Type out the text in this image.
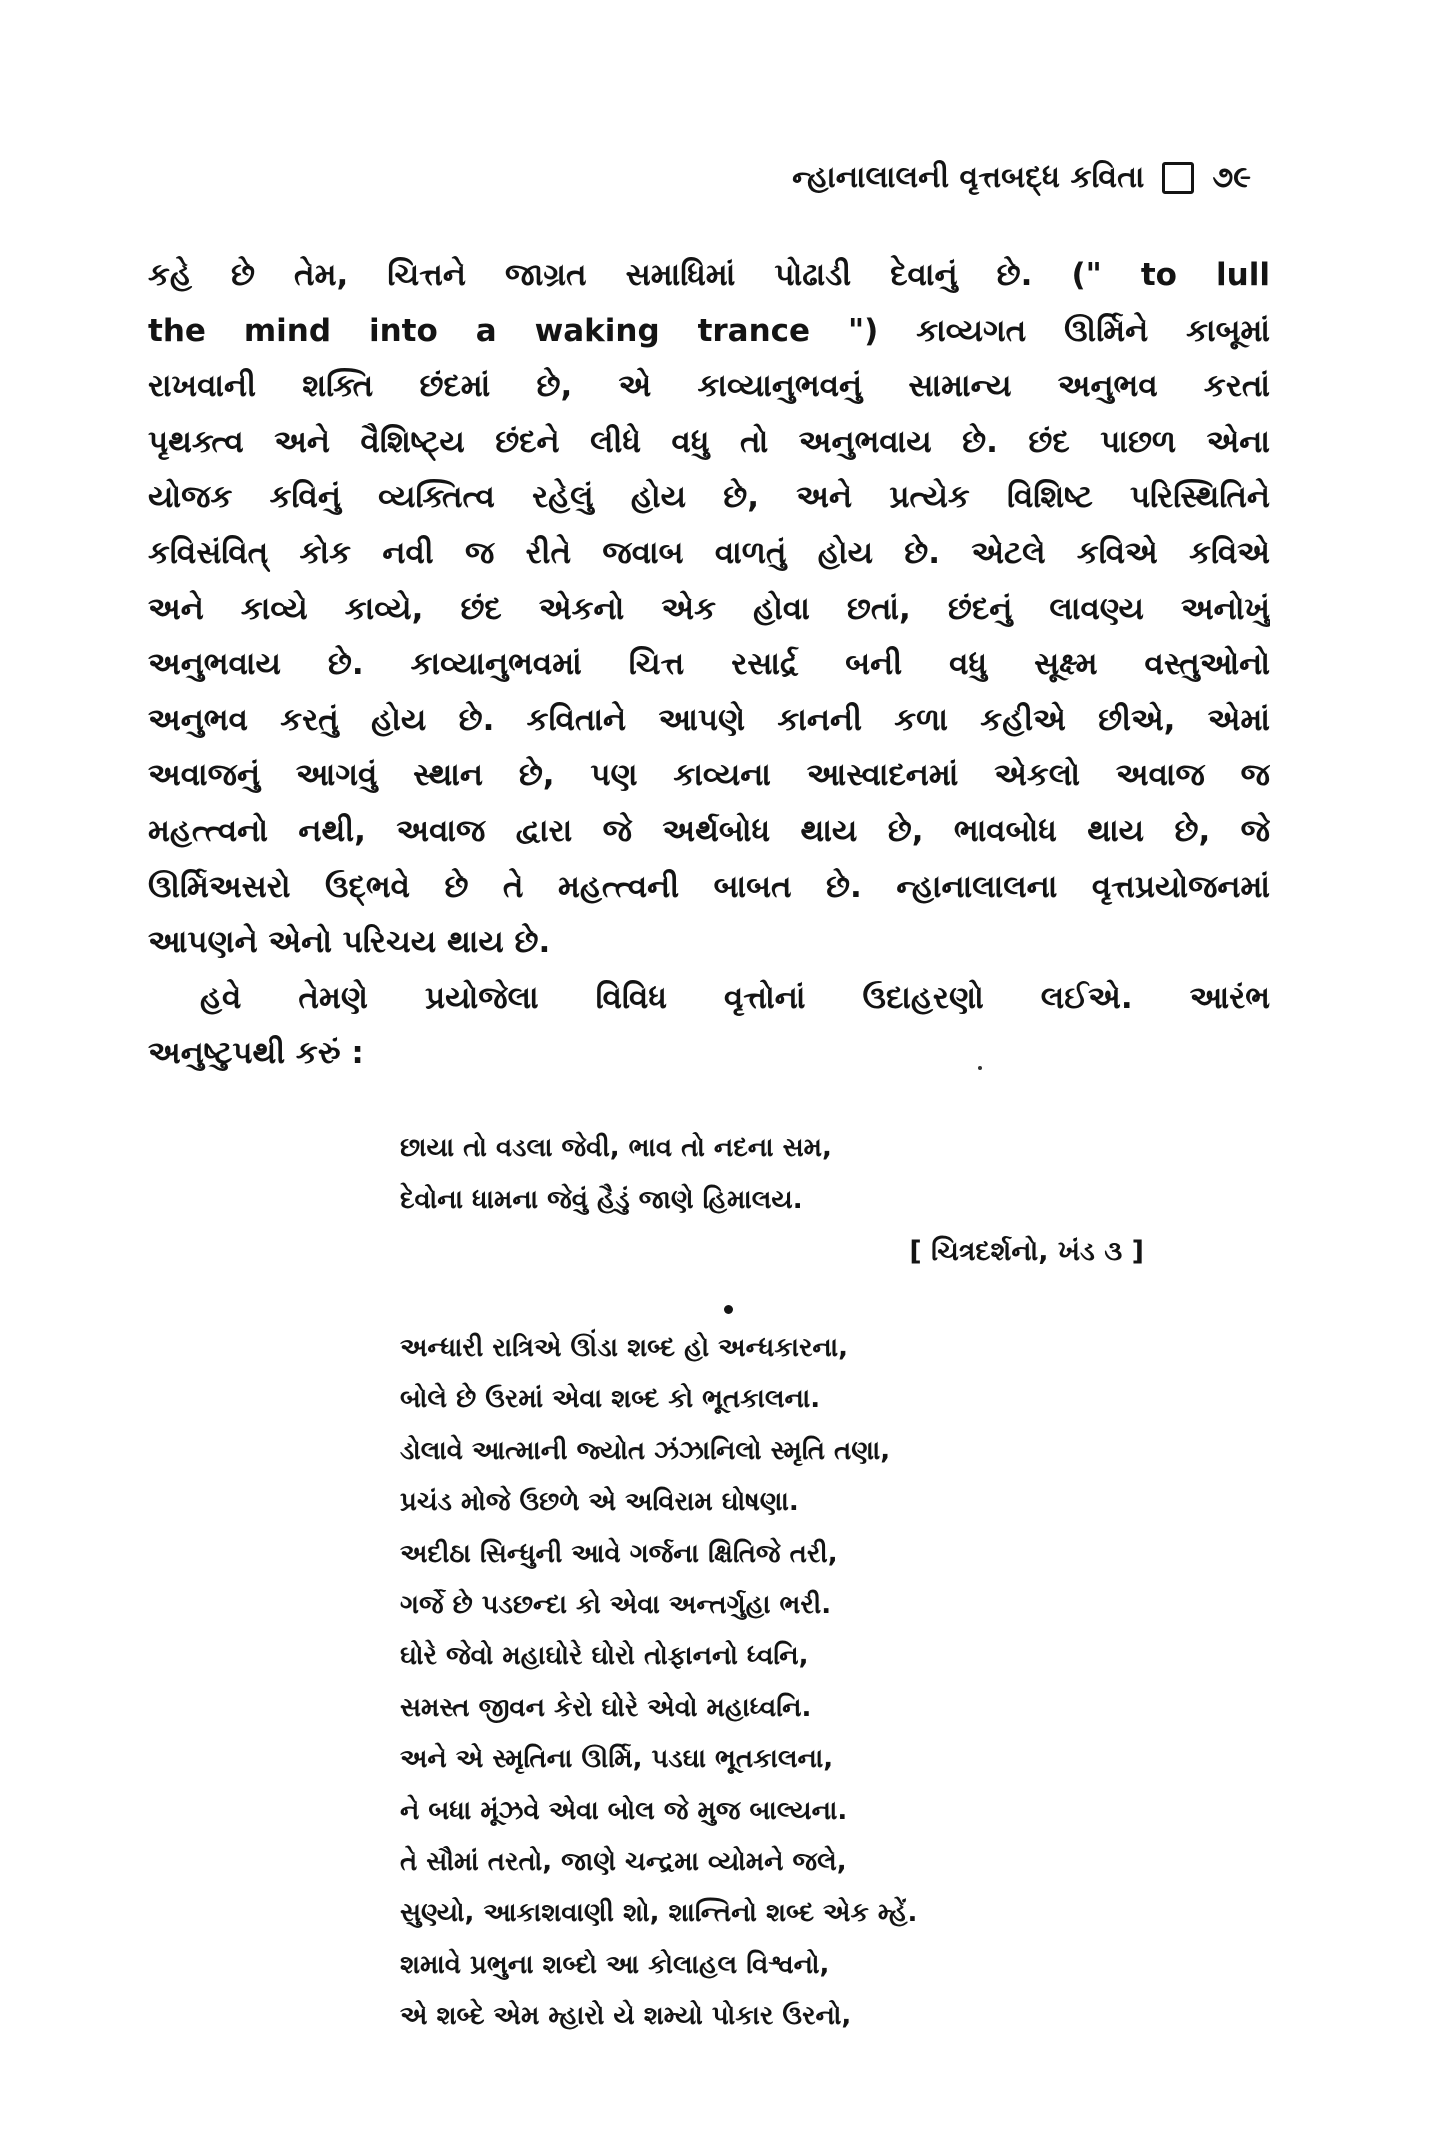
ન્હાનાલાલની વૃત્તબદ્ધ કવિતા ૭૯
કહે છે તેમ, ચિત્તને જાગ્રત સમાધિમાં પોઢાડી દેવાનું છે. (" to lull
the mind into a waking trance ") કાવ્યગત ઊર્મિને કાબૂમાં
રાખવાની શક્તિ છંદમાં છે, એ કાવ્યાનુભવનું સામાન્ય અનુભવ કરતાં
પૃથક્ત્વ અને વૈશિષ્ટ્ય છંદને લીધે વધુ તો અનુભવાય છે. છંદ પાછળ એના
યોજક કવિનું વ્યક્તિત્વ રહેલું હોય છે, અને પ્રત્યેક વિશિષ્ટ પરિસ્થિતિને
કવિસંવિત્ કોક નવી જ રીતે જવાબ વાળતું હોય છે. એટલે કવિએ કવિએ
અને કાવ્યે કાવ્યે, છંદ એકનો એક હોવા છતાં, છંદનું લાવણ્ય અનોખું
અનુભવાય છે. કાવ્યાનુભવમાં ચિત્ત રસાર્દ્ર બની વધુ સૂક્ષ્મ વસ્તુઓનો
અનુભવ કરતું હોય છે. કવિતાને આપણે કાનની કળા કહીએ છીએ, એમાં
અવાજનું આગવું સ્થાન છે, પણ કાવ્યના આસ્વાદનમાં એકલો અવાજ જ
મહત્ત્વનો નથી, અવાજ દ્વારા જે અર્થબોધ થાય છે, ભાવબોધ થાય છે, જે
ઊર્મિઅસરો ઉદ્ભવે છે તે મહત્ત્વની બાબત છે. ન્હાનાલાલના વૃત્તપ્રયોજનમાં
આપણને એનો પરિચય થાય છે.
હવે તેમણે પ્રયોજેલા વિવિધ વૃત્તોનાં ઉદાહરણો લઈએ. આરંભ
અનુષ્ટુપથી કરું :
છાયા તો વડલા જેવી, ભાવ તો નદના સમ,
દેવોના ધામના જેવું હૈડું જાણે હિમાલય.
[ ચિત્રદર્શનો, ખંડ ૩ ]
અન્ધારી રાત્રિએ ઊંડા શબ્દ હો અન્ધકારના,
બોલે છે ઉરમાં એવા શબ્દ કો ભૂતકાલના.
ડોલાવે આત્માની જ્યોત ઝંઝાનિલો સ્મૃતિ તણા,
પ્રચંડ મોજે ઉછળે એ અવિરામ ઘોષણા.
અદીઠા સિન્ધુની આવે ગર્જના ક્ષિતિજે તરી,
ગર્જે છે પડછન્દા કો એવા અન્તર્ગુહા ભરી.
ઘોરે જેવો મહાઘોરે ઘોરો તોફાનનો ધ્વનિ,
સમસ્ત જીવન કેરો ઘોરે એવો મહાધ્વનિ.
અને એ સ્મૃતિના ઊર્મિ, પડઘા ભૂતકાલના,
ને બધા મૂંઝવે એવા બોલ જે મુજ બાલ્યના.
તે સૌમાં તરતો, જાણે ચન્દ્રમા વ્યોમને જલે,
સુણ્યો, આકાશવાણી શો, શાન્તિનો શબ્દ એક મ્હેં.
શમાવે પ્રભુના શબ્દો આ કોલાહલ વિશ્વનો,
એ શબ્દે એમ મ્હારો યે શમ્યો પોકાર ઉરનો,
